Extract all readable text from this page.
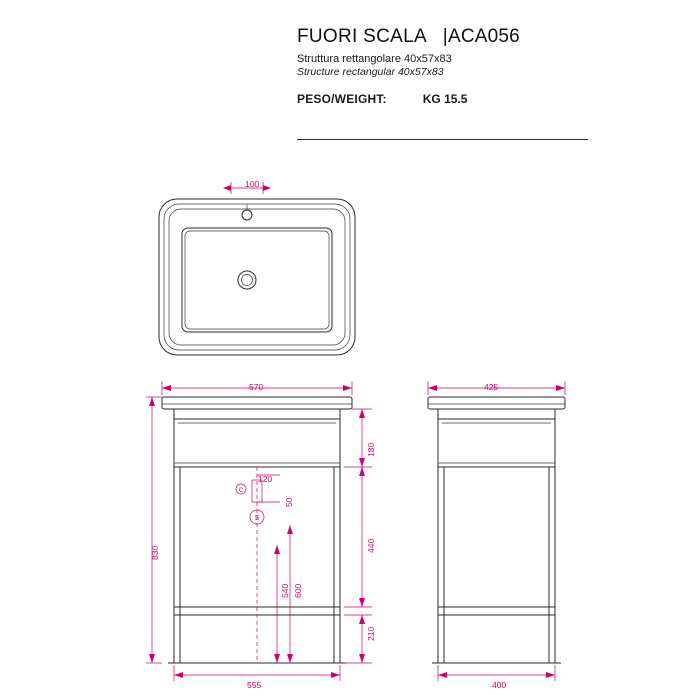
FUORI SCALA |ACA056
Struttura rettangolare 40x57x83
Structure rectangular 40x57x83
PESO/WEIGHT:	KG 15.5
100
S
C
570
555
830
180
440
210
120
50
540 600
425
400
